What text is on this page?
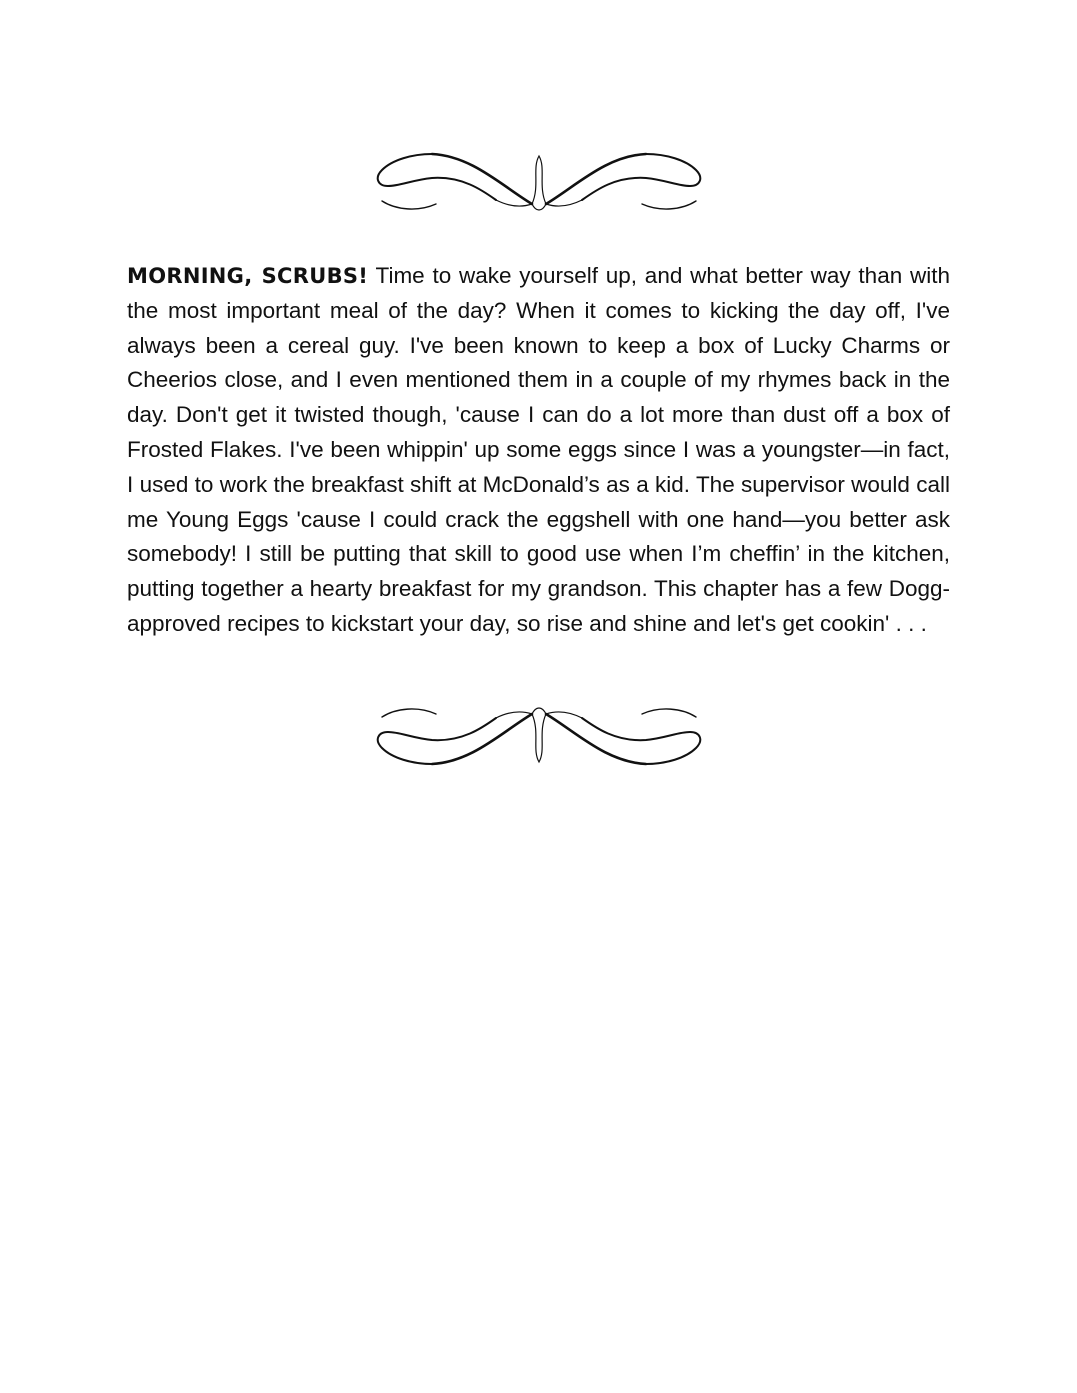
MORNING, SCRUBS! Time to wake yourself up, and what better way than with the most important meal of the day? When it comes to kicking the day off, I've always been a cereal guy. I've been known to keep a box of Lucky Charms or Cheerios close, and I even mentioned them in a couple of my rhymes back in the day. Don't get it twisted though, 'cause I can do a lot more than dust off a box of Frosted Flakes. I've been whippin' up some eggs since I was a youngster—in fact, I used to work the breakfast shift at McDonald’s as a kid. The supervisor would call me Young Eggs 'cause I could crack the eggshell with one hand—you better ask somebody! I still be putting that skill to good use when I’m cheffin’ in the kitchen, putting together a hearty breakfast for my grandson. This chapter has a few Dogg- approved recipes to kickstart your day, so rise and shine and let's get cookin' . . .
